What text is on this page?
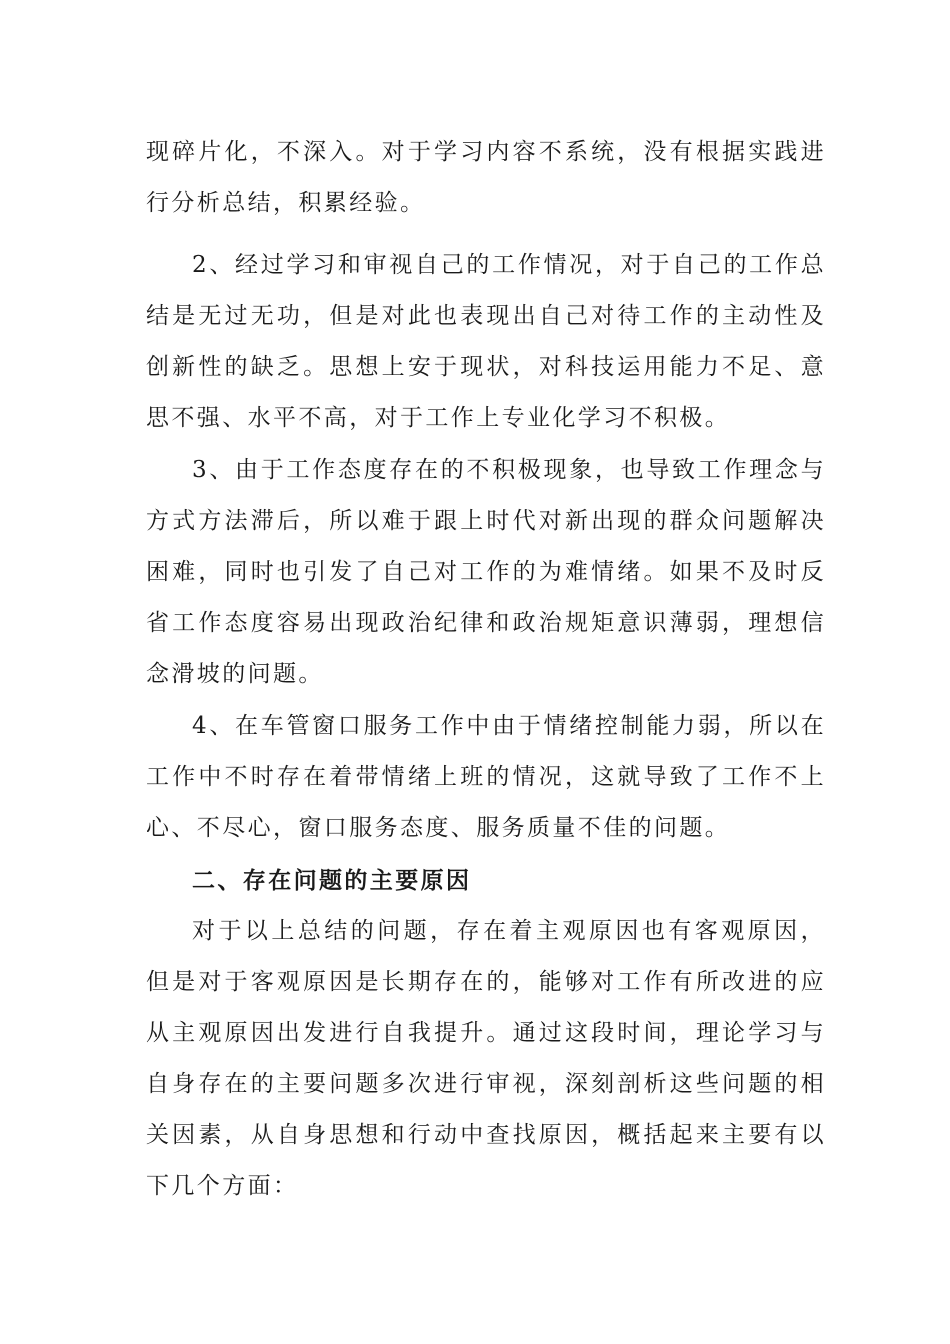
现碎片化，不深入。对于学习内容不系统，没有根据实践进行分析总结，积累经验。

2、经过学习和审视自己的工作情况，对于自己的工作总结是无过无功，但是对此也表现出自己对待工作的主动性及创新性的缺乏。思想上安于现状，对科技运用能力不足、意思不强、水平不高，对于工作上专业化学习不积极。

3、由于工作态度存在的不积极现象，也导致工作理念与方式方法滞后，所以难于跟上时代对新出现的群众问题解决困难，同时也引发了自己对工作的为难情绪。如果不及时反省工作态度容易出现政治纪律和政治规矩意识薄弱，理想信念滑坡的问题。

4、在车管窗口服务工作中由于情绪控制能力弱，所以在工作中不时存在着带情绪上班的情况，这就导致了工作不上心、不尽心，窗口服务态度、服务质量不佳的问题。

二、存在问题的主要原因

对于以上总结的问题，存在着主观原因也有客观原因，但是对于客观原因是长期存在的，能够对工作有所改进的应从主观原因出发进行自我提升。通过这段时间，理论学习与自身存在的主要问题多次进行审视，深刻剖析这些问题的相关因素，从自身思想和行动中查找原因，概括起来主要有以下几个方面：
